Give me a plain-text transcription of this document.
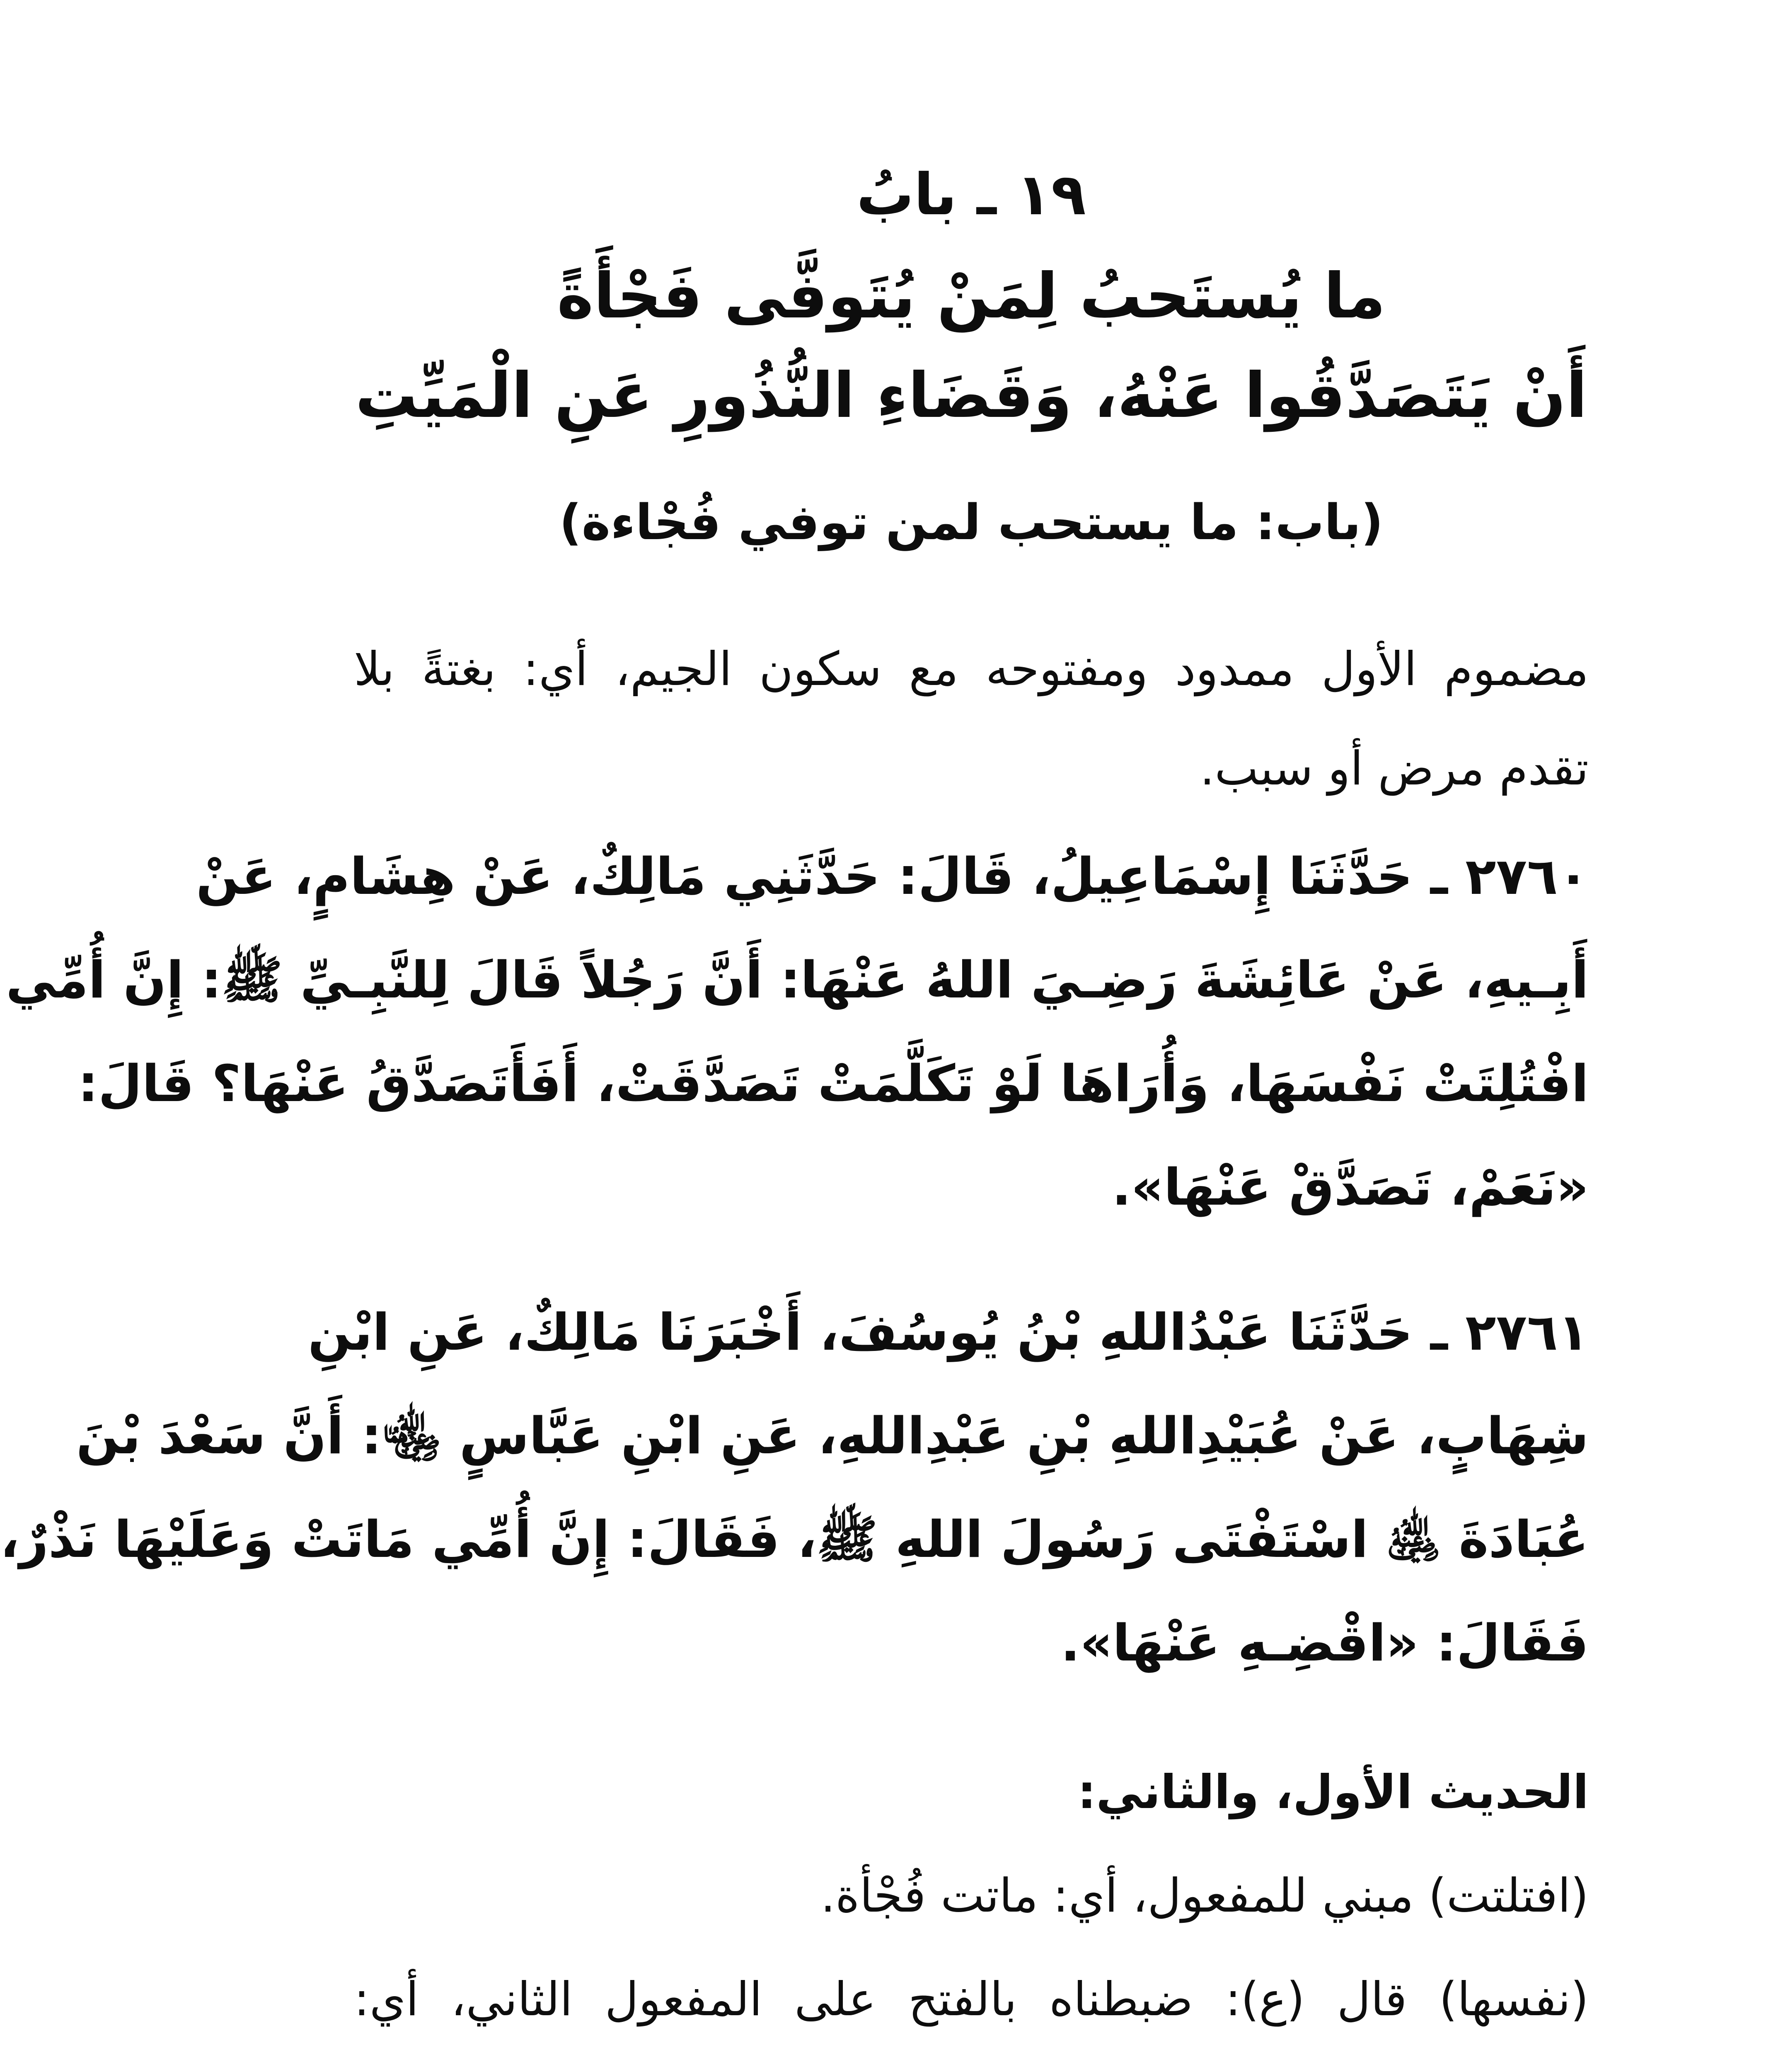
١٩ ـ بابُ
ما يُستَحبُ لِمَنْ يُتَوفَّى فَجْأَةً
أَنْ يَتَصَدَّقُوا عَنْهُ، وَقَضَاءِ النُّذُورِ عَنِ الْمَيِّتِ
(باب: ما يستحب لمن توفي فُجْاءة)
مضموم الأول ممدود ومفتوحه مع سكون الجيم، أي: بغتةً بلا
تقدم مرض أو سبب.
٢٧٦٠ ـ حَدَّثَنَا إِسْمَاعِيلُ، قَالَ: حَدَّثَنِي مَالِكٌ، عَنْ هِشَامٍ، عَنْ
أَبِـيهِ، عَنْ عَائِشَةَ رَضِـيَ اللهُ عَنْهَا: أَنَّ رَجُلاً قَالَ لِلنَّبِـيِّ ﷺ: إِنَّ أُمِّي
افْتُلِتَتْ نَفْسَهَا، وَأُرَاهَا لَوْ تَكَلَّمَتْ تَصَدَّقَتْ، أَفَأَتَصَدَّقُ عَنْهَا؟ قَالَ:
«نَعَمْ، تَصَدَّقْ عَنْهَا».
٢٧٦١ ـ حَدَّثَنَا عَبْدُاللهِ بْنُ يُوسُفَ، أَخْبَرَنَا مَالِكٌ، عَنِ ابْنِ
شِهَابٍ، عَنْ عُبَيْدِاللهِ بْنِ عَبْدِاللهِ، عَنِ ابْنِ عَبَّاسٍ ﵄: أَنَّ سَعْدَ بْنَ
عُبَادَةَ ﵁ اسْتَفْتَى رَسُولَ اللهِ ﷺ، فَقَالَ: إِنَّ أُمِّي مَاتَتْ وَعَلَيْهَا نَذْرٌ،
فَقَالَ: «اقْضِـهِ عَنْهَا».
الحديث الأول، والثاني:
(افتلتت) مبني للمفعول، أي: ماتت فُجْأة.
(نفسها) قال (ع): ضبطناه بالفتح على المفعول الثاني، أي:
